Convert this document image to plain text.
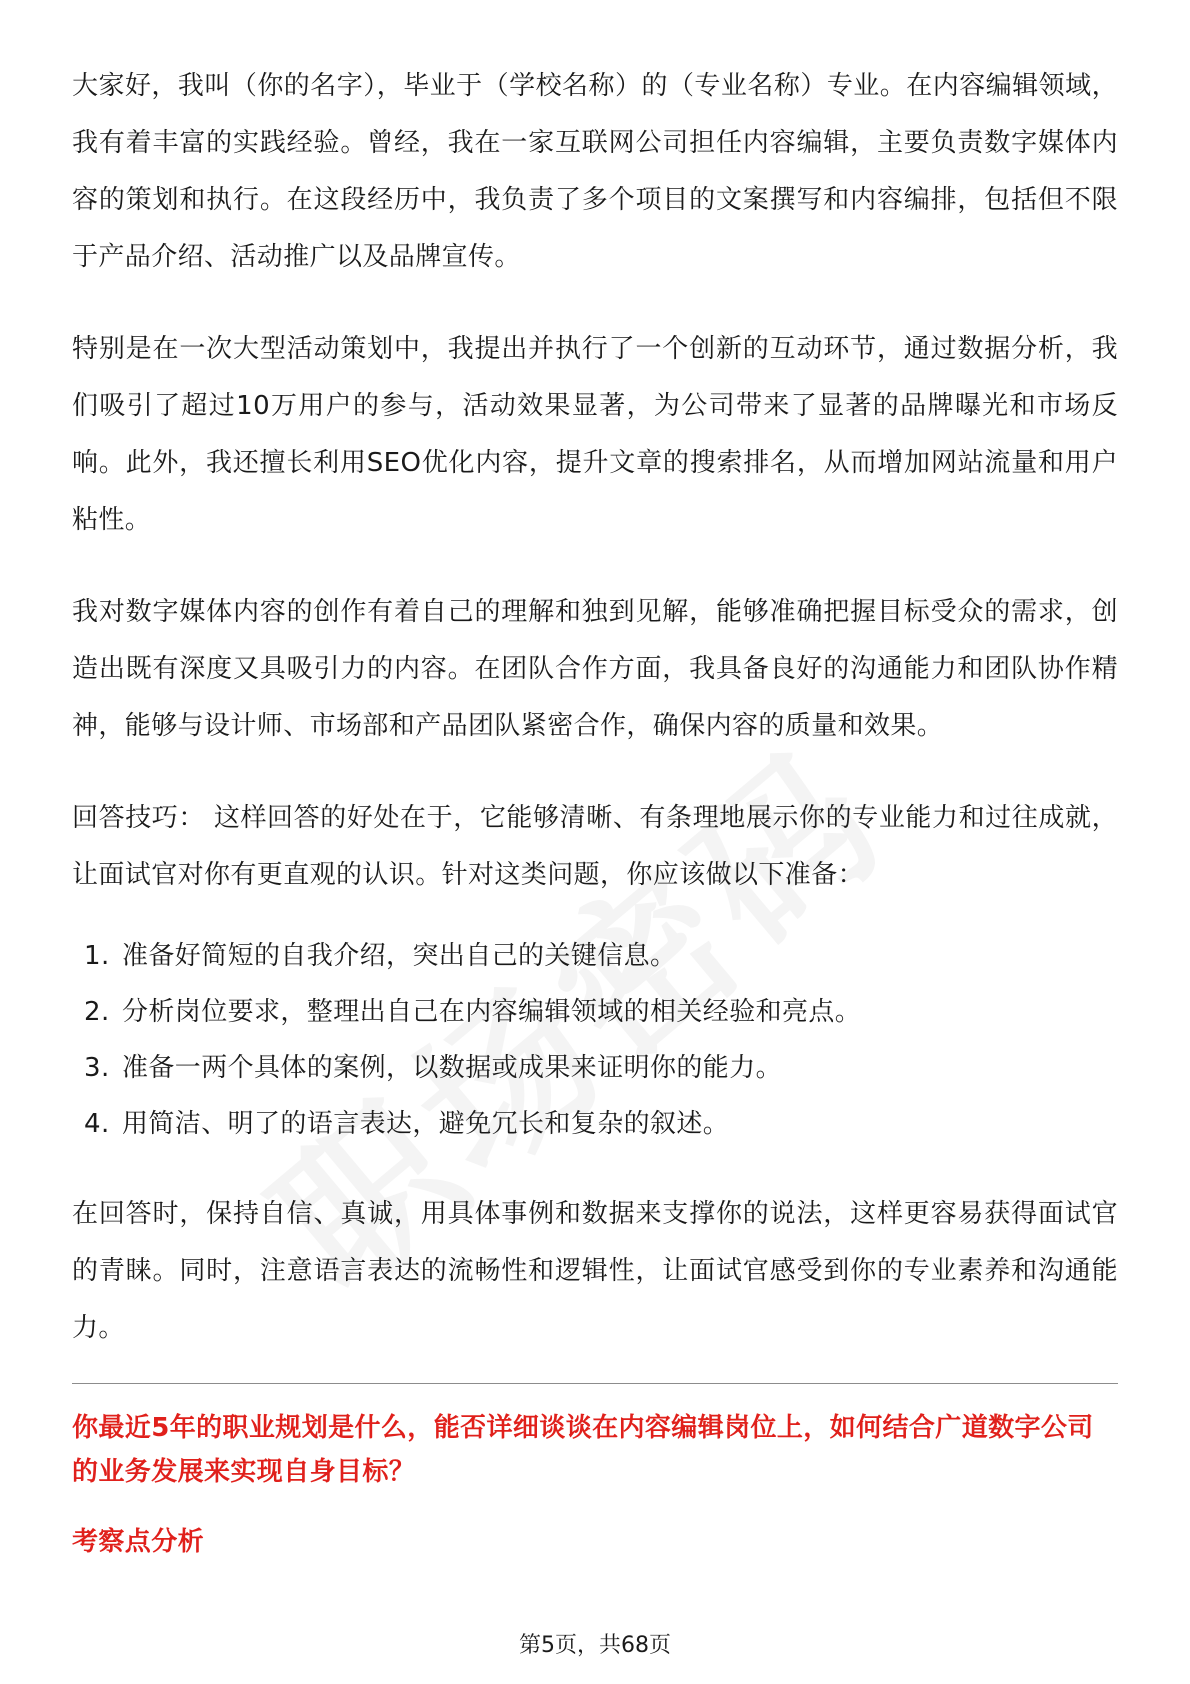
大家好，我叫（你的名字），毕业于（学校名称）的（专业名称）专业。在内容编辑领域，我有着丰富的实践经验。曾经，我在一家互联网公司担任内容编辑，主要负责数字媒体内容的策划和执行。在这段经历中，我负责了多个项目的文案撰写和内容编排，包括但不限于产品介绍、活动推广以及品牌宣传。

特别是在一次大型活动策划中，我提出并执行了一个创新的互动环节，通过数据分析，我们吸引了超过10万用户的参与，活动效果显著，为公司带来了显著的品牌曝光和市场反响。此外，我还擅长利用SEO优化内容，提升文章的搜索排名，从而增加网站流量和用户粘性。

我对数字媒体内容的创作有着自己的理解和独到见解，能够准确把握目标受众的需求，创造出既有深度又具吸引力的内容。在团队合作方面，我具备良好的沟通能力和团队协作精神，能够与设计师、市场部和产品团队紧密合作，确保内容的质量和效果。

回答技巧： 这样回答的好处在于，它能够清晰、有条理地展示你的专业能力和过往成就，让面试官对你有更直观的认识。针对这类问题，你应该做以下准备：

1. 准备好简短的自我介绍，突出自己的关键信息。
2. 分析岗位要求，整理出自己在内容编辑领域的相关经验和亮点。
3. 准备一两个具体的案例，以数据或成果来证明你的能力。
4. 用简洁、明了的语言表达，避免冗长和复杂的叙述。

在回答时，保持自信、真诚，用具体事例和数据来支撑你的说法，这样更容易获得面试官的青睐。同时，注意语言表达的流畅性和逻辑性，让面试官感受到你的专业素养和沟通能力。

你最近5年的职业规划是什么，能否详细谈谈在内容编辑岗位上，如何结合广道数字公司的业务发展来实现自身目标？

考察点分析

第5页，共68页
